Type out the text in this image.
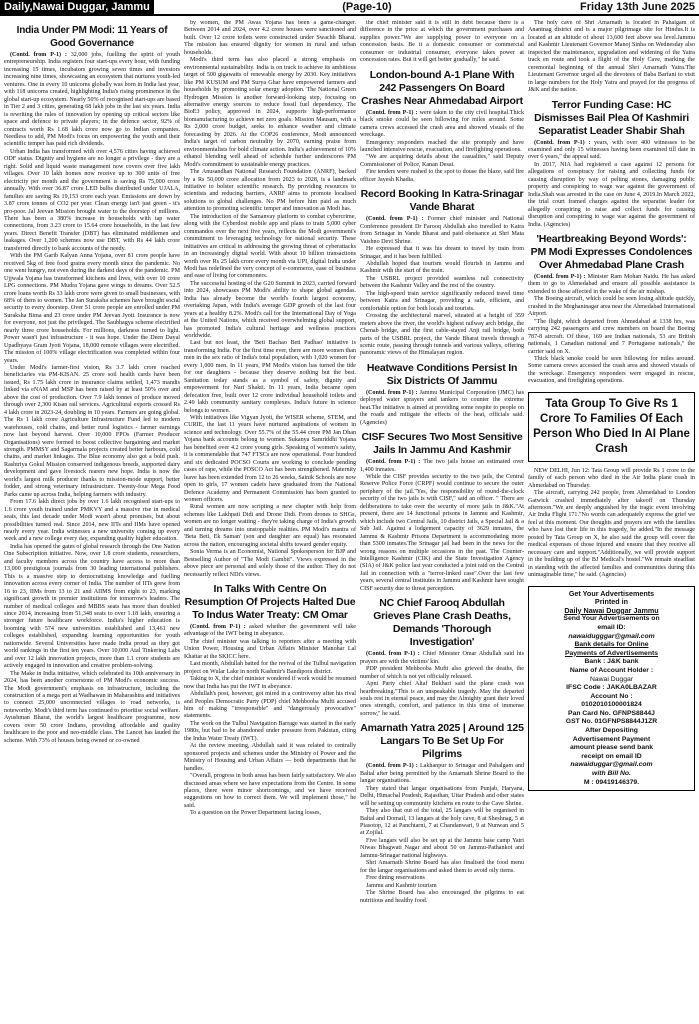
Daily,Nawai Duggar, Jammu	(Page-10)	Friday 13th June 2025
India Under PM Modi: 11 Years of Good Governance

(Contd. from P-1) : 32,000 jobs, fuelling the spirit of youth entrepreneurship. India registers four start-ups every hour, with funding increasing 15 times, incubators growing seven times and investors increasing nine times, showcasing an ecosystem that nurtures youth-led ventures. One in every 10 unicorns globally was born in India last year, with 118 unicorns created, highlighting India's rising prominence in the global start-up ecosystem. Nearly 50% of recognised start-ups are based in Tier 2 and 3 cities, generating 68 lakh jobs in the last six years. India is rewriting the rules of innovation by opening up critical sectors like space and defence to private players; in the defence sector, 92% of contracts worth Rs 1.68 lakh crore now go to Indian companies. Needless to add, PM Modi's focus on empowering the youth and their scientific temper has paid rich dividends.

Urban India has transformed with over 4,576 cities having achieved ODF status. Dignity and hygiene are no longer a privilege - they are a right. Solid and liquid waste management now covers over five lakh villages. Over 10 lakh homes now receive up to 300 units of free electricity per month and the government is saving Rs 75,000 crore annually. With over 36.87 crore LED bulbs distributed under UJALA, families are saving Rs 19,153 crore each year. Emissions are down by 3.87 crore tonnes of CO2 per year. Clean energy isn't just green - it's pro-poor. Jal Jeevan Mission brought water to the doorstep of millions. There has been a 380% increase in households with tap water connections, from 3.23 crore to 15.64 crore households, in the last few years. Direct Benefit Transfer (DBT) has eliminated middlemen and leakages. Over 1,200 schemes now use DBT, with Rs 44 lakh crore transferred directly to bank accounts of the needy.

With the PM Garib Kalyan Anna Yojana, over 81 crore people have received 5kg of free food grains every month since the pandemic. No one went hungry, not even during the darkest days of the pandemic. PM Ujjwala Yojana has transformed kitchens and lives, with over 10 crore LPG connections. PM Mudra Yojana gave wings to dreams. Over 52.5 crore loans worth Rs 33 lakh crore were given to small businesses, with 68% of them to women. The Jan Suraksha schemes have brought social security to every doorstep. Over 51 crore people are enrolled under PM Suraksha Bima and 23 crore under PM Jeevan Jyoti. Insurance is now for everyone, not just the privileged. The Saubhagya scheme electrified nearly three crore households. For millions, darkness turned to light. Power wasn't just infrastructure - it was hope. Under the Deen Dayal Upadhyaya Gram Jyoti Yojana, 18,000 remote villages were electrified. The mission of 100% village electrification was completed within four years.

Under Modi's farmer-first vision, Rs 3.7 lakh crore reached beneficiaries via PM-KISAN. 25 crore soil health cards have been issued, Rs 1.75 lakh crore in insurance claims settled, 1,473 mandis linked via eNAM and MSP has been raised by at least 50% over and above the cost of production. Over 7.9 lakh tonnes of produce moved through over 2,300 Kisan rail services. Agricultural exports crossed Rs 4 lakh crore in 2023-24, doubling in 10 years. Farmers are going global. The Rs 1 lakh crore Agriculture Infrastructure Fund led to modern warehouses, cold chains, and better rural logistics - farmer earnings now last beyond harvest. Over 10,000 FPOs (Farmer Producer Organisations) were formed to boost collective bargaining and market strength. PMMSY and Sagarmala projects created better harbours, cold chains, and market linkages. The Blue economy also got a bold push. Rashtriya Gokul Mission conserved indigenous breeds, supported dairy development and gave livestock rearers new hope. India is now the world's largest milk producer thanks to mission-mode support, better fodder, and strong veterinary infrastructure. Twenty-four Mega Food Parks came up across India, helping farmers with industry.

From 17.6 lakh direct jobs by over 1.6 lakh recognised start-ups to 1.6 crore youth trained under PMKVY and a massive rise in medical seats, this last decade under Modi wasn't about promises, but about possibilities turned real. Since 2014, new IITs and IIMs have opened nearly every year. India witnesses a new university coming up every week and a new college every day, expanding quality higher education.

India has opened the gates of global research through the One Nation One Subscription initiative. Now, over 1.8 crore students, researchers, and faculty members across the country have access to more than 13,000 prestigious journals from 30 leading international publishers. This is a massive step to democratising knowledge and fuelling innovation across every corner of India. The number of IITs grew from 16 to 23, IIMs from 13 to 21 and AIIMS from eight to 23, marking significant growth in premier institutions for tomorrow's leaders. The number of medical colleges and MBBS seats has more than doubled since 2014, increasing from 51,348 seats to over 1.18 lakh, ensuring a stronger future healthcare workforce. India's higher education is booming with 574 new universities established and 13,461 new colleges established, expanding learning opportunities for youth nationwide. Several Universities have made India proud as they got world rankings in the first ten years. Over 10,000 Atal Tinkering Labs and over 12 lakh innovation projects, more than 1.1 crore students are actively engaged in innovation and creative problem-solving.

The Make in India initiative, which celebrated its 10th anniversary in 2024, has been another cornerstone of PM Modi's economic success. The Modi government's emphasis on infrastructure, including the construction of a mega port at Wadhawan in Maharashtra and initiatives to connect 25,000 unconnected villages to road networks, is noteworthy. Modi's third term has continued to prioritise social welfare. Ayushman Bharat, the world's largest healthcare programme, now covers over 50 crore Indians, providing affordable and quality healthcare to the poor and neo-middle class. The Lancet has lauded the scheme. With 73% of houses being owned or co-owned

by women, the PM Awas Yojana has been a game-changer. Between 2014 and 2024, over 4.2 crore houses were sanctioned and built. Over 12 crore toilets were constructed under Swachh Bharat. The mission has ensured dignity for women in rural and urban households.

Modi's third term has also placed a strong emphasis on environmental sustainability. India is on track to achieve its ambitious target of 500 gigawatts of renewable energy by 2030. Key initiatives like PM KUSUM and PM Surya Ghar have empowered farmers and households by promoting solar energy adoption. The National Green Hydrogen Mission is another forward-looking step, focusing on alternative energy sources to reduce fossil fuel dependency. The BioE3 policy, approved in 2024, supports high-performance biomanufacturing to achieve net zero goals. Mission Mausam, with a Rs 2,000 crore budget, seeks to enhance weather and climate forecasting by 2026. At the COP26 conference, Modi announced India's target of carbon neutrality by 2070, earning praise from environmentalists for bold climate action. India's achievement of 10% ethanol blending well ahead of schedule further underscores PM Modi's commitment to sustainable energy practices.

The Anusandhan National Research Foundation (ANRF), backed by a Rs 50,000 crore allocation from 2023 to 2028, is a landmark initiative to bolster scientific research. By providing resources to scientists and reducing barriers, ANRF aims to promote localised solutions to global challenges. No PM before him paid as much attention to promoting scientific temper and innovation as Modi has.

The introduction of the Samanvay platform to combat cybercrime, along with the Cyberdost mobile app and plans to train 5,000 cyber commandos over the next five years, reflects the Modi government's commitment to leveraging technology for national security. These initiatives are critical in addressing the growing threat of cyberattacks in an increasingly digital world. With about 10 billion transactions worth over Rs 25 lakh crore every month via UPI, digital India under Modi has redefined the very concept of e-commerce, ease of business and ease of living for commoners.

The successful hosting of the G20 Summit in 2023, carried forward into 2024, showcases PM Modi's ability to shape global agendas. India has already become the world's fourth largest economy, overtaking Japan, with India's average GDP growth of the last four years at a healthy 8.2%. Modi's call for the International Day of Yoga at the United Nations, which received overwhelming global support, has promoted India's cultural heritage and wellness practices worldwide.

Last but not least, the 'Beti Bachao Beti Padhao' initiative is transforming India. For the first time ever, there are more women than men in the sex ratio of India's total population, with 1,020 women for every 1,000 men. In 11 years, PM Modi's vision has turned the tide for our daughters - because they deserve nothing but the best. Sanitation today stands as a symbol of safety, dignity and empowerment for Nari Shakti. In 11 years, India became open defecation free, built over 12 crore individual household toilets and 2.49 lakh community sanitary complexes. India's future in science belongs to women.

With initiatives like Vigyan Jyoti, the WISER scheme, STEM, and CURIE, the last 11 years have nurtured aspirations of women in science and technology. Over 55.7% of the 55.44 crore PM Jan Dhan Yojana bank accounts belong to women. Sukanya Samriddhi Yojana has benefited over 4.2 crore young girls. Speaking of women's safety, it is commendable that 747 FTSCs are now operational. Four hundred and six dedicated POCSO Courts are working to conclude pending cases of rape, while the POSCO Act has been strengthened. Maternity leave has been extended from 12 to 26 weeks, Sainik Schools are now open to girls, 17 women cadets have graduated from the National Defence Academy and Permanent Commission has been granted to women officers.

Rural women are now scripting a new chapter with help from schemes like Lakhpati Didi and Drone Didi. From drones to SHGs, women are no longer waiting - they're taking charge of India's growth and turning dreams into unstoppable realities. PM Modi's mantra of 'Beta Beti, Ek Saman' (son and daughter are equal) has resonated across the nation, encouraging societal shifts toward gender equity.

Sonia Verma is an Economist, National Spokesperson for BJP and Bestselling Author of "The Modi Gambit". Views expressed in the above piece are personal and solely those of the author. They do not necessarily reflect NDi's views.

In Talks With Centre On Resumption Of Projects Halted Due To Indus Water Treaty: CM Omar

(Contd. from P-1) : asked whether the government will take advantage of the IWT being in abeyance.

The chief minister was talking to reporters after a meeting with Union Power, Housing and Urban Affairs Minister Manohar Lal Khattar at the SKICC here.

Last month, Abdullah batted for the revival of the Tulbul navigation project on Wular Lake in north Kashmir's Bandipora district.

Taking to X, the chief minister wondered if work would be resumed now that India has put the IWT in abeyance.

Abdullah's post, however, got mired in a controversy after his rival and Peoples Democratic Party (PDP) chief Mehbooba Mufti accused him of making "irresponsible" and "dangerously provocative" statements.

The work on the Tulbul Navigation Barrage was started in the early 1980s, but had to be abandoned under pressure from Pakistan, citing the Indus Water Treaty (IWT).

At the review meeting, Abdullah said it was related to centrally sponsored projects and schemes under the Ministry of Power and the Ministry of Housing and Urban Affairs — both departments that he handles.

"Overall, progress in both areas has been fairly satisfactory. We also discussed areas where we have expectations from the Centre. In some places, there were minor shortcomings, and we have received suggestions on how to correct them. We will implement those," he said.

To a question on the Power Department facing losses,

the chief minister said it is still in debt because there is a difference in the price at which the government purchases and supplies power."We are supplying power to everyone on a concession basis. Be it a domestic consumer or commercial consumer or industrial consumer, everyone takes power at concession rates. But it will get better gradually," he said.

London-bound A-1 Plane With 242 Passengers On Board Crashes Near Ahmedabad Airport

(Contd. from P-1) : were taken to the city civil hospital.Thick black smoke could be seen billowing for miles around. Some camera crews accessed the crash area and showed visuals of the wreckage.

Emergency responders reached the site promptly and have launched intensive rescue, evacuation, and firefighting operations.

"We are acquiring details about the casualties," said Deputy Commissioner of Police, Kanan Desai.

Fire tenders were rushed to the spot to douse the blaze, said fire officer Jayesh Khadia.

Record Booking In Katra-Srinagar Vande Bharat

(Contd. from P-1) : Former chief minister and National Conference president Dr Farooq Abdullah also travelled to Katra from Srinagar in Vande Bharat and paid obeisance at Shri Mata Vaishno Devi Shrine.

He expressed that it was his dream to travel by train from Srinagar, and it has been fulfilled.

Abdullah hoped that tourism would flourish in Jammu and Kashmir with the start of the train.

The USBRL project provided seamless rail connectivity between the Kashmir Valley and the rest of the country.

The high-speed train service significantly reduced travel time between Katra and Srinagar, providing a safe, efficient, and comfortable option for both locals and tourists.

Crossing the architectural marvel, situated at a height of 359 meters above the river, the world's highest railway arch bridge, the Chenab bridge, and the first cable-stayed Anji rail bridge, both parts of the USBRL project, the Vande Bharat travels through a scenic route, passing through tunnels and various valleys, offering panoramic views of the Himalayan region.

Heatwave Conditions Persist In Six Districts Of Jammu

(Contd. from P-1) : Jammu Municipal Corporation (JMC) has deployed water sprayers and tankers to counter the extreme heat.The initiative is aimed at providing some respite to people on the roads and mitigate the effects of the heat, officials said. (Agencies)

CISF Secures Two Most Sensitive Jails In Jammu And Kashmir

(Contd. from P-1) : The two jails house an estimated over 1,400 inmates.

While the CISF provides security to the two jails, the Central Reserve Police Force (CRPF) would continue to secure the outer periphery of the jail."Yes, the responsibility of round-the-clock security of the two jails is with CISF," said an officer. " There are deliberations to take over the security of more jails in J&K."At present, there are 14 functional prisons in Jammu and Kashmir, which include two Central Jails, 10 district Jails, a Special Jail & a Sub Jail. Against a lodgement capacity of 3629 inmates, the Jammu & Kashmir Prisons Department is accommodating more than 5300 inmates.The Srinagar jail had been in the news for the wrong reasons on multiple occasions in the past. The Counter-Intelligence Kashmir (CIK) and the State Investigation Agency (SIA) of J&K police last year conducted a joint raid on the Central Jail in connection with a "terror-linked case".Over the last few years, several central institutes in Jammu and Kashmir have sought CISF security due to threat perception.

NC Chief Farooq Abdullah Grieves Plane Crash Deaths, Demands 'Thorough Investigation'

(Contd. from P-1) : Chief Minister Omar Abdullah said his prayers are with the victims' kin.

PDP president Mehbooba Mufti also grieved the deaths, the number of which is not yet officially released.

Apni Party chief Altaf Bukhari said the plane crash was heartbreaking."This is an unspeakable tragedy. May the departed souls rest in eternal peace, and may the Almighty grant their loved ones strength, comfort, and patience in this time of immense sorrow," he said.

Amarnath Yatra 2025 | Around 125 Langars To Be Set Up For Pilgrims

(Contd. from P-1) : Lakhanpur to Srinagar and Pahalgam and Baltal after being permitted by the Amarnath Shrine Board to the langar organisations.

They stated that langar organisations from Punjab, Haryana, Delhi, Himachal Pradesh, Rajasthan, Uttar Pradesh and other states will be setting up community kitchens en route to the Cave Shrine.

They also that out of the total, 25 langars will be organised in Baltal and Domail, 13 langars at the holy cave, 8 at Sheshnag, 5 at Piasotop, 12 at Panchtarni, 7 at Chandanwari, 9 at Nunwan and 5 at Zojilal.

Five langars will also be set up at the Jammu base camp Yatri Niwas Bhagwati Nagar and about 50 on Jammu-Pathankot and Jammu-Srinagar national highways.

Shri Amarnath Shrine Board has also finalised the food menu for the langar organisations and asked them to avoid oily items.

Free dining reservations

Jammu and Kashmir tourism

The Shrine Board has also encouraged the pilgrims to eat nutritious and healthy food.

The holy cave of Shri Amarnath is located in Pahalgam of Anantnag district and is a major pilgrimage site for Hindus.It is located at an altitude of about 13,600 feet above sea level.Jammu and Kashmir Lieutenant Governor Manoj Sinha on Wednesday also inspected the maintenance, upgradation and widening of the Yatra track en route and took a flight of the Holy Cave, marking the ceremonial beginning of the annual Shri Amarnath Yatra.The Lieutenant Governor urged all the devotees of Baba Barfani to visit in large numbers for the Holy Yatra and prayed for the progress of J&K and the nation.

Terror Funding Case: HC Dismisses Bail Plea Of Kashmiri Separatist Leader Shabir Shah

(Contd. from P-1) : years, with over 400 witnesses to be examined and only 15 witnesses having been examined till date in over 6 years," the appeal said.

In 2017, NIA had registered a case against 12 persons for allegations of conspiracy for raising and collecting funds for causing disruption by way of pelting stones, damaging public property and conspiring to wage war against the government of India.Shah was arrested in the case on June 4, 2019.In March 2022, the trial court framed charges against the separatist leader for allegedly conspiring to raise and collect funds for causing disruption and conspiring to wage war against the government of India. (Agencies)

'Heartbreaking Beyond Words': PM Modi Expresses Condolences Over Ahmedabad Plane Crash

(Contd. from P-1) : Minister Ram Mohan Naidu. He has asked them to go to Ahmedabad and ensure all possible assistance is extended to those affected in the wake of the air mishap.

The Boeing aircraft, which could be seen losing altitude quickly, crashed in the Meghaninagar area near the Ahmedabad International Airport.

"The flight, which departed from Ahmedabad at 1338 hrs, was carrying 242 passengers and crew members on board the Boeing 787-8 aircraft. Of these, 169 are Indian nationals, 53 are British nationals, 1 Canadian national and 7 Portuguese nationals," the carrier said on X.

Thick black smoke could be seen billowing for miles around. Some camera crews accessed the crash area and showed visuals of the wreckage. Emergency responders were engaged in rescue, evacuation, and firefighting operations.

Tata Group To Give Rs 1 Crore To Families Of Each Person Who Died In AI Plane Crash

NEW DELHI, Jun 12: Tata Group will provide Rs 1 crore to the family of each person who died in the Air India plane crash in Ahmedabad on Thursday.

The aircraft, carrying 242 people, from Ahmedabad to London Gatwick crashed immediately after takeoff on Thursday afternoon."We are deeply anguished by the tragic event involving Air India Flight 171."No words can adequately express the grief we feel at this moment. Our thoughts and prayers are with the families who have lost their life in this tragedy, he added."In the message posted by Tata Group on X, he also said the group will cover the medical expenses of those injured and ensure that they receive all necessary care and support."Additionally, we will provide support in the building up of the BJ Medical's hostel."We remain steadfast in standing with the affected families and communities during this unimaginable time," he said. (Agencies)

Get Your Advertisements
Printed in
Daily Nawai Duggar Jammu
Send Your Advertisements on
email ID:
nawaidugggar@gmail.com
Bank details for Online
Payments of Advertisements
Bank : J&K bank
Name of Account Holder :
Nawai Duggar
IFSC Code : JAKA0LBAZAR
Account No :
0102010100001824
Pan Card No. GFNPS8844J
GST No. 01GFNPS8844J1ZR
After Depositing
Advertisement Payment
amount please send bank
receipt on email ID
nawaiduggar@gmail.com
with Bill No.
M : 09419146379.
